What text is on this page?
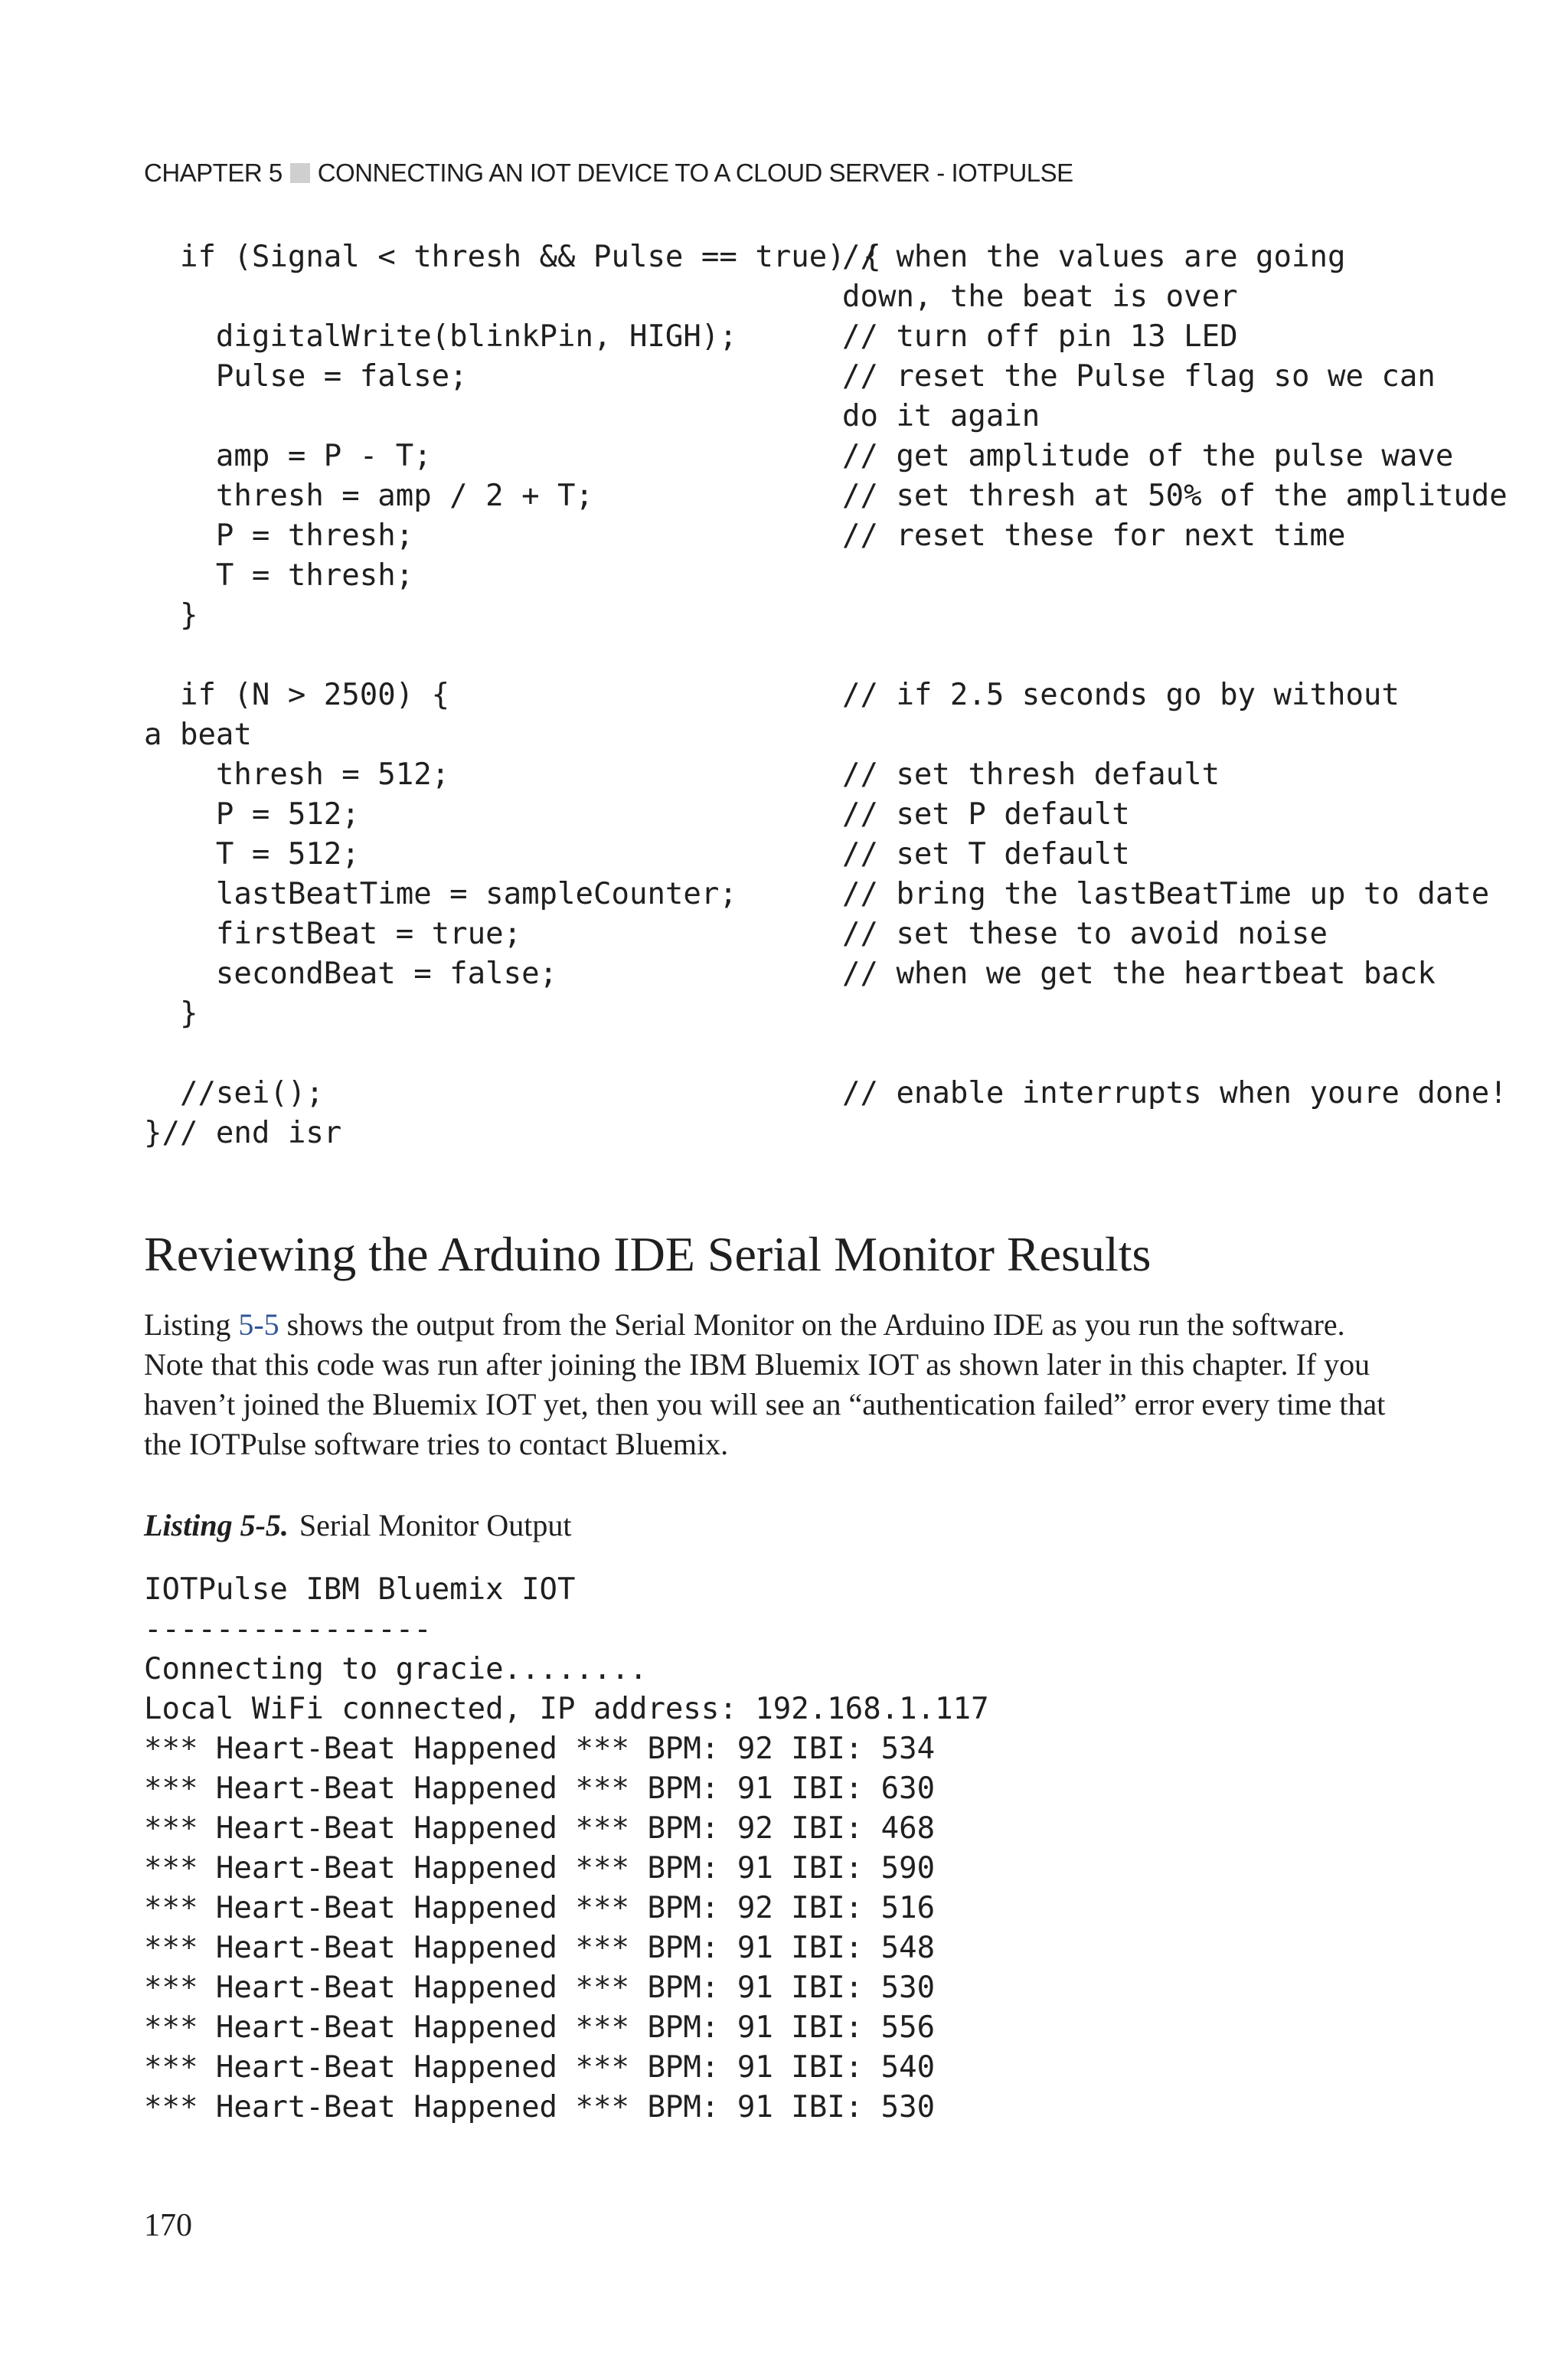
CHAPTER 5 CONNECTING AN IOT DEVICE TO A CLOUD SERVER - IOTPULSE
if (Signal < thresh && Pulse == true) {
// when the values are going
down, the beat is over
digitalWrite(blinkPin, HIGH);	// turn off pin 13 LED
Pulse = false;	// reset the Pulse flag so we can
do it again
amp = P - T;	// get amplitude of the pulse wave
thresh = amp / 2 + T;	// set thresh at 50% of the amplitude
P = thresh;	// reset these for next time
T = thresh;
}
if (N > 2500) {	// if 2.5 seconds go by without
a beat
thresh = 512;	// set thresh default
P = 512;	// set P default
T = 512;	// set T default
lastBeatTime = sampleCounter;	// bring the lastBeatTime up to date
firstBeat = true;	// set these to avoid noise
secondBeat = false;	// when we get the heartbeat back
}
//sei();	// enable interrupts when youre done!
}// end isr
Reviewing the Arduino IDE Serial Monitor Results

Listing 5-5 shows the output from the Serial Monitor on the Arduino IDE as you run the software. Note that this code was run after joining the IBM Bluemix IOT as shown later in this chapter. If you haven’t joined the Bluemix IOT yet, then you will see an “authentication failed” error every time that the IOTPulse software tries to contact Bluemix.

Listing 5-5. Serial Monitor Output
IOTPulse IBM Bluemix IOT
----------------
Connecting to gracie........
Local WiFi connected, IP address: 192.168.1.117
*** Heart-Beat Happened *** BPM: 92 IBI: 534
*** Heart-Beat Happened *** BPM: 91 IBI: 630
*** Heart-Beat Happened *** BPM: 92 IBI: 468
*** Heart-Beat Happened *** BPM: 91 IBI: 590
*** Heart-Beat Happened *** BPM: 92 IBI: 516
*** Heart-Beat Happened *** BPM: 91 IBI: 548
*** Heart-Beat Happened *** BPM: 91 IBI: 530
*** Heart-Beat Happened *** BPM: 91 IBI: 556
*** Heart-Beat Happened *** BPM: 91 IBI: 540
*** Heart-Beat Happened *** BPM: 91 IBI: 530
170
